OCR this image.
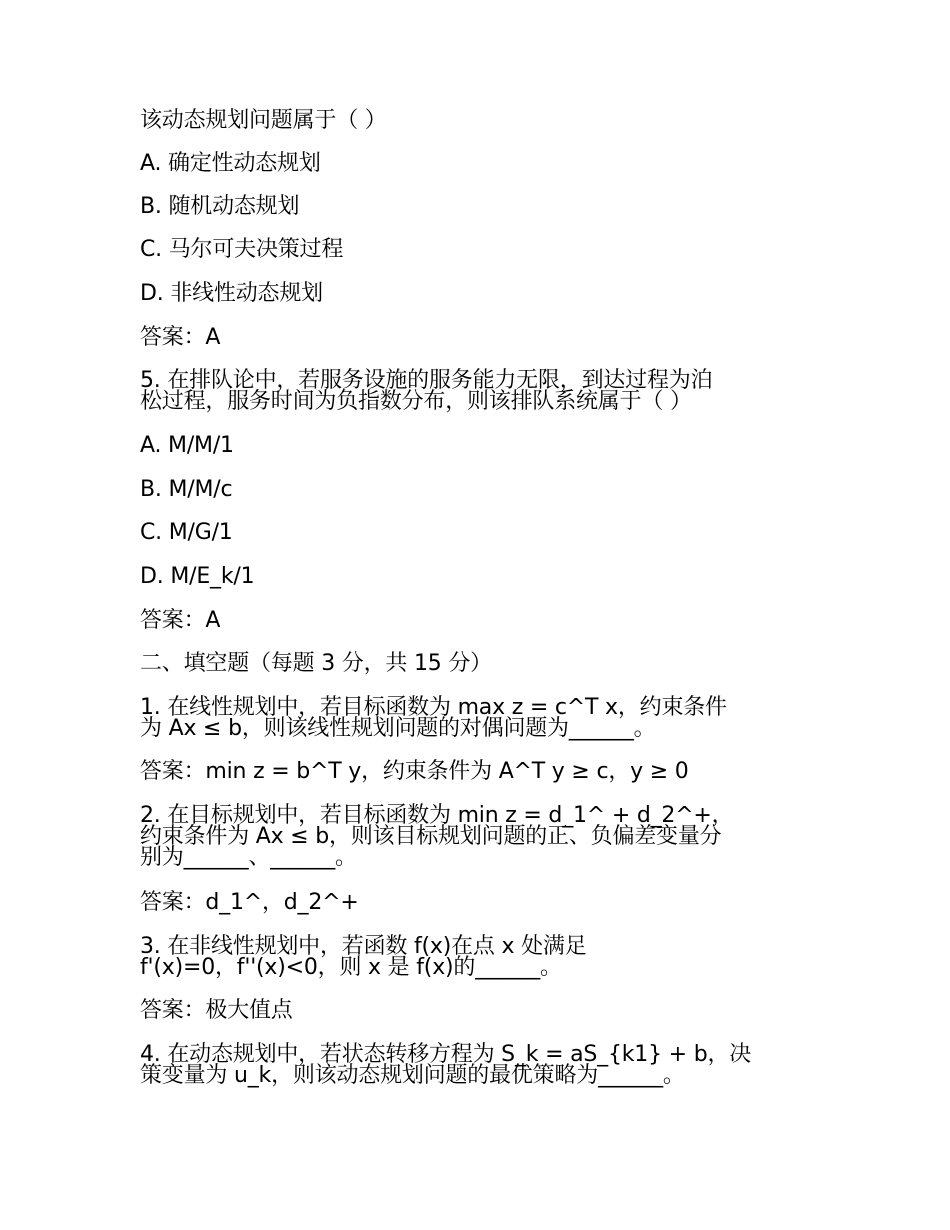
该动态规划问题属于（ ）
A. 确定性动态规划
B. 随机动态规划
C. 马尔可夫决策过程
D. 非线性动态规划
答案：A
5. 在排队论中，若服务设施的服务能力无限，到达过程为泊
松过程，服务时间为负指数分布，则该排队系统属于（ ）
A. M/M/1
B. M/M/c
C. M/G/1
D. M/E_k/1
答案：A
二、填空题（每题 3 分，共 15 分）
1. 在线性规划中，若目标函数为 max z = c^T x，约束条件
为 Ax ≤ b，则该线性规划问题的对偶问题为______。
答案：min z = b^T y，约束条件为 A^T y ≥ c，y ≥ 0
2. 在目标规划中，若目标函数为 min z = d_1^ + d_2^+，
约束条件为 Ax ≤ b，则该目标规划问题的正、负偏差变量分
别为______、______。
答案：d_1^，d_2^+
3. 在非线性规划中，若函数 f(x)在点 x 处满足
f'(x)=0，f''(x)<0，则 x 是 f(x)的______。
答案：极大值点
4. 在动态规划中，若状态转移方程为 S_k = aS_{k1} + b，决
策变量为 u_k，则该动态规划问题的最优策略为______。
